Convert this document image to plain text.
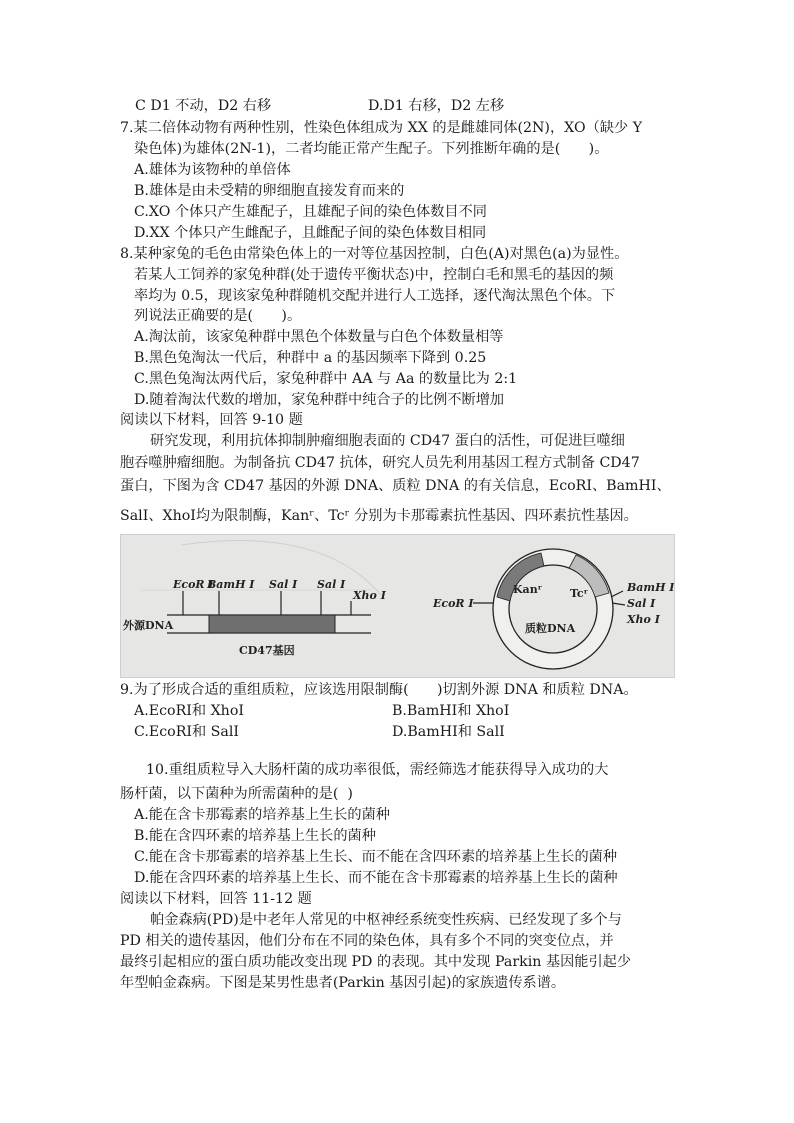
C D1 不动，D2 右移	D.D1 右移，D2 左移
7.某二倍体动物有两种性别，性染色体组成为 XX 的是雌雄同体(2N)，XO（缺少 Y
染色体)为雄体(2N-1)，二者均能正常产生配子。下列推断年确的是(　　)。
A.雄体为该物种的单倍体
B.雄体是由未受精的卵细胞直接发育而来的
C.XO 个体只产生雄配子，且雄配子间的染色体数目不同
D.XX 个体只产生雌配子，且雌配子间的染色体数目相同
8.某种家兔的毛色由常染色体上的一对等位基因控制，白色(A)对黑色(a)为显性。
若某人工饲养的家兔种群(处于遗传平衡状态)中，控制白毛和黑毛的基因的频
率均为 0.5，现该家兔种群随机交配并进行人工选择，逐代淘汰黑色个体。下
列说法正确要的是(　　)。
A.淘汰前，该家兔种群中黑色个体数量与白色个体数量相等
B.黑色兔淘汰一代后，种群中 a 的基因频率下降到 0.25
C.黑色兔淘汰两代后，家兔种群中 AA 与 Aa 的数量比为 2:1
D.随着淘汰代数的增加，家兔种群中纯合子的比例不断增加
阅读以下材料，回答 9-10 题
研究发现，利用抗体抑制肿瘤细胞表面的 CD47 蛋白的活性，可促进巨噬细
胞吞噬肿瘤细胞。为制备抗 CD47 抗体，研究人员先利用基因工程方式制备 CD47
蛋白，下图为含 CD47 基因的外源 DNA、质粒 DNA 的有关信息，EcoRⅠ、BamHⅠ、
SalⅠ、XhoⅠ均为限制酶，Kanʳ、Tcʳ 分别为卡那霉素抗性基因、四环素抗性基因。
EcoR I
BamH I Sal I Sal I
Xho I
外源DNA
CD47基因
EcoR I
Kanʳ	Tcʳ
质粒DNA
BamH I
Sal I
Xho I
9.为了形成合适的重组质粒，应该选用限制酶(　　)切割外源 DNA 和质粒 DNA。
A.EcoRⅠ和 XhoⅠ	B.BamHⅠ和 XhoⅠ
C.EcoRⅠ和 SalⅠ	D.BamHⅠ和 SalⅠ
10.重组质粒导入大肠杆菌的成功率很低，需经筛选才能获得导入成功的大
肠杆菌，以下菌种为所需菌种的是(  )
A.能在含卡那霉素的培养基上生长的菌种
B.能在含四环素的培养基上生长的菌种
C.能在含卡那霉素的培养基上生长、而不能在含四环素的培养基上生长的菌种
D.能在含四环素的培养基上生长、而不能在含卡那霉素的培养基上生长的菌种
阅读以下材料，回答 11-12 题
帕金森病(PD)是中老年人常见的中枢神经系统变性疾病、已经发现了多个与
PD 相关的遗传基因，他们分布在不同的染色体，具有多个不同的突变位点，并
最终引起相应的蛋白质功能改变出现 PD 的表现。其中发现 Parkin 基因能引起少
年型帕金森病。下图是某男性患者(Parkin 基因引起)的家族遗传系谱。
